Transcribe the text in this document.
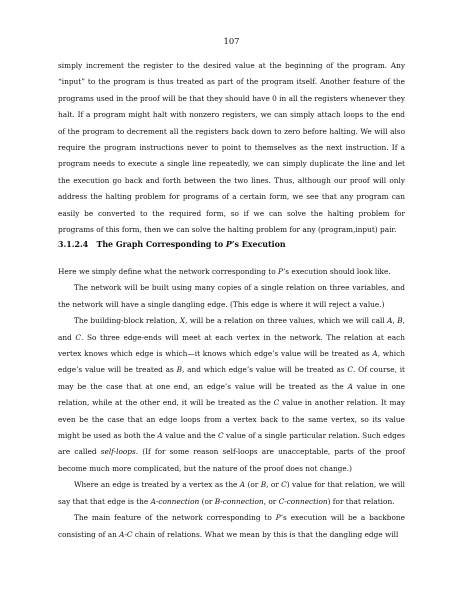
107

simply increment the register to the desired value at the beginning of the program. Any “input” to the program is thus treated as part of the program itself. Another feature of the programs used in the proof will be that they should have 0 in all the registers whenever they halt. If a program might halt with nonzero registers, we can simply attach loops to the end of the program to decrement all the registers back down to zero before halting. We will also require the program instructions never to point to themselves as the next instruction. If a program needs to execute a single line repeatedly, we can simply duplicate the line and let the execution go back and forth between the two lines. Thus, although our proof will only address the halting problem for programs of a certain form, we see that any program can easily be converted to the required form, so if we can solve the halting problem for programs of this form, then we can solve the halting problem for any (program,input) pair.

3.1.2.4 The Graph Corresponding to P’s Execution

Here we simply define what the network corresponding to P’s execution should look like.

The network will be built using many copies of a single relation on three variables, and the network will have a single dangling edge. (This edge is where it will reject a value.)

The building-block relation, X, will be a relation on three values, which we will call A, B, and C. So three edge-ends will meet at each vertex in the network. The relation at each vertex knows which edge is which—it knows which edge’s value will be treated as A, which edge’s value will be treated as B, and which edge’s value will be treated as C. Of course, it may be the case that at one end, an edge’s value will be treated as the A value in one relation, while at the other end, it will be treated as the C value in another relation. It may even be the case that an edge loops from a vertex back to the same vertex, so its value might be used as both the A value and the C value of a single particular relation. Such edges are called self-loops. (If for some reason self-loops are unacceptable, parts of the proof become much more complicated, but the nature of the proof does not change.)

Where an edge is treated by a vertex as the A (or B, or C) value for that relation, we will say that that edge is the A-connection (or B-connection, or C-connection) for that relation.

The main feature of the network corresponding to P’s execution will be a backbone consisting of an A-C chain of relations. What we mean by this is that the dangling edge will
